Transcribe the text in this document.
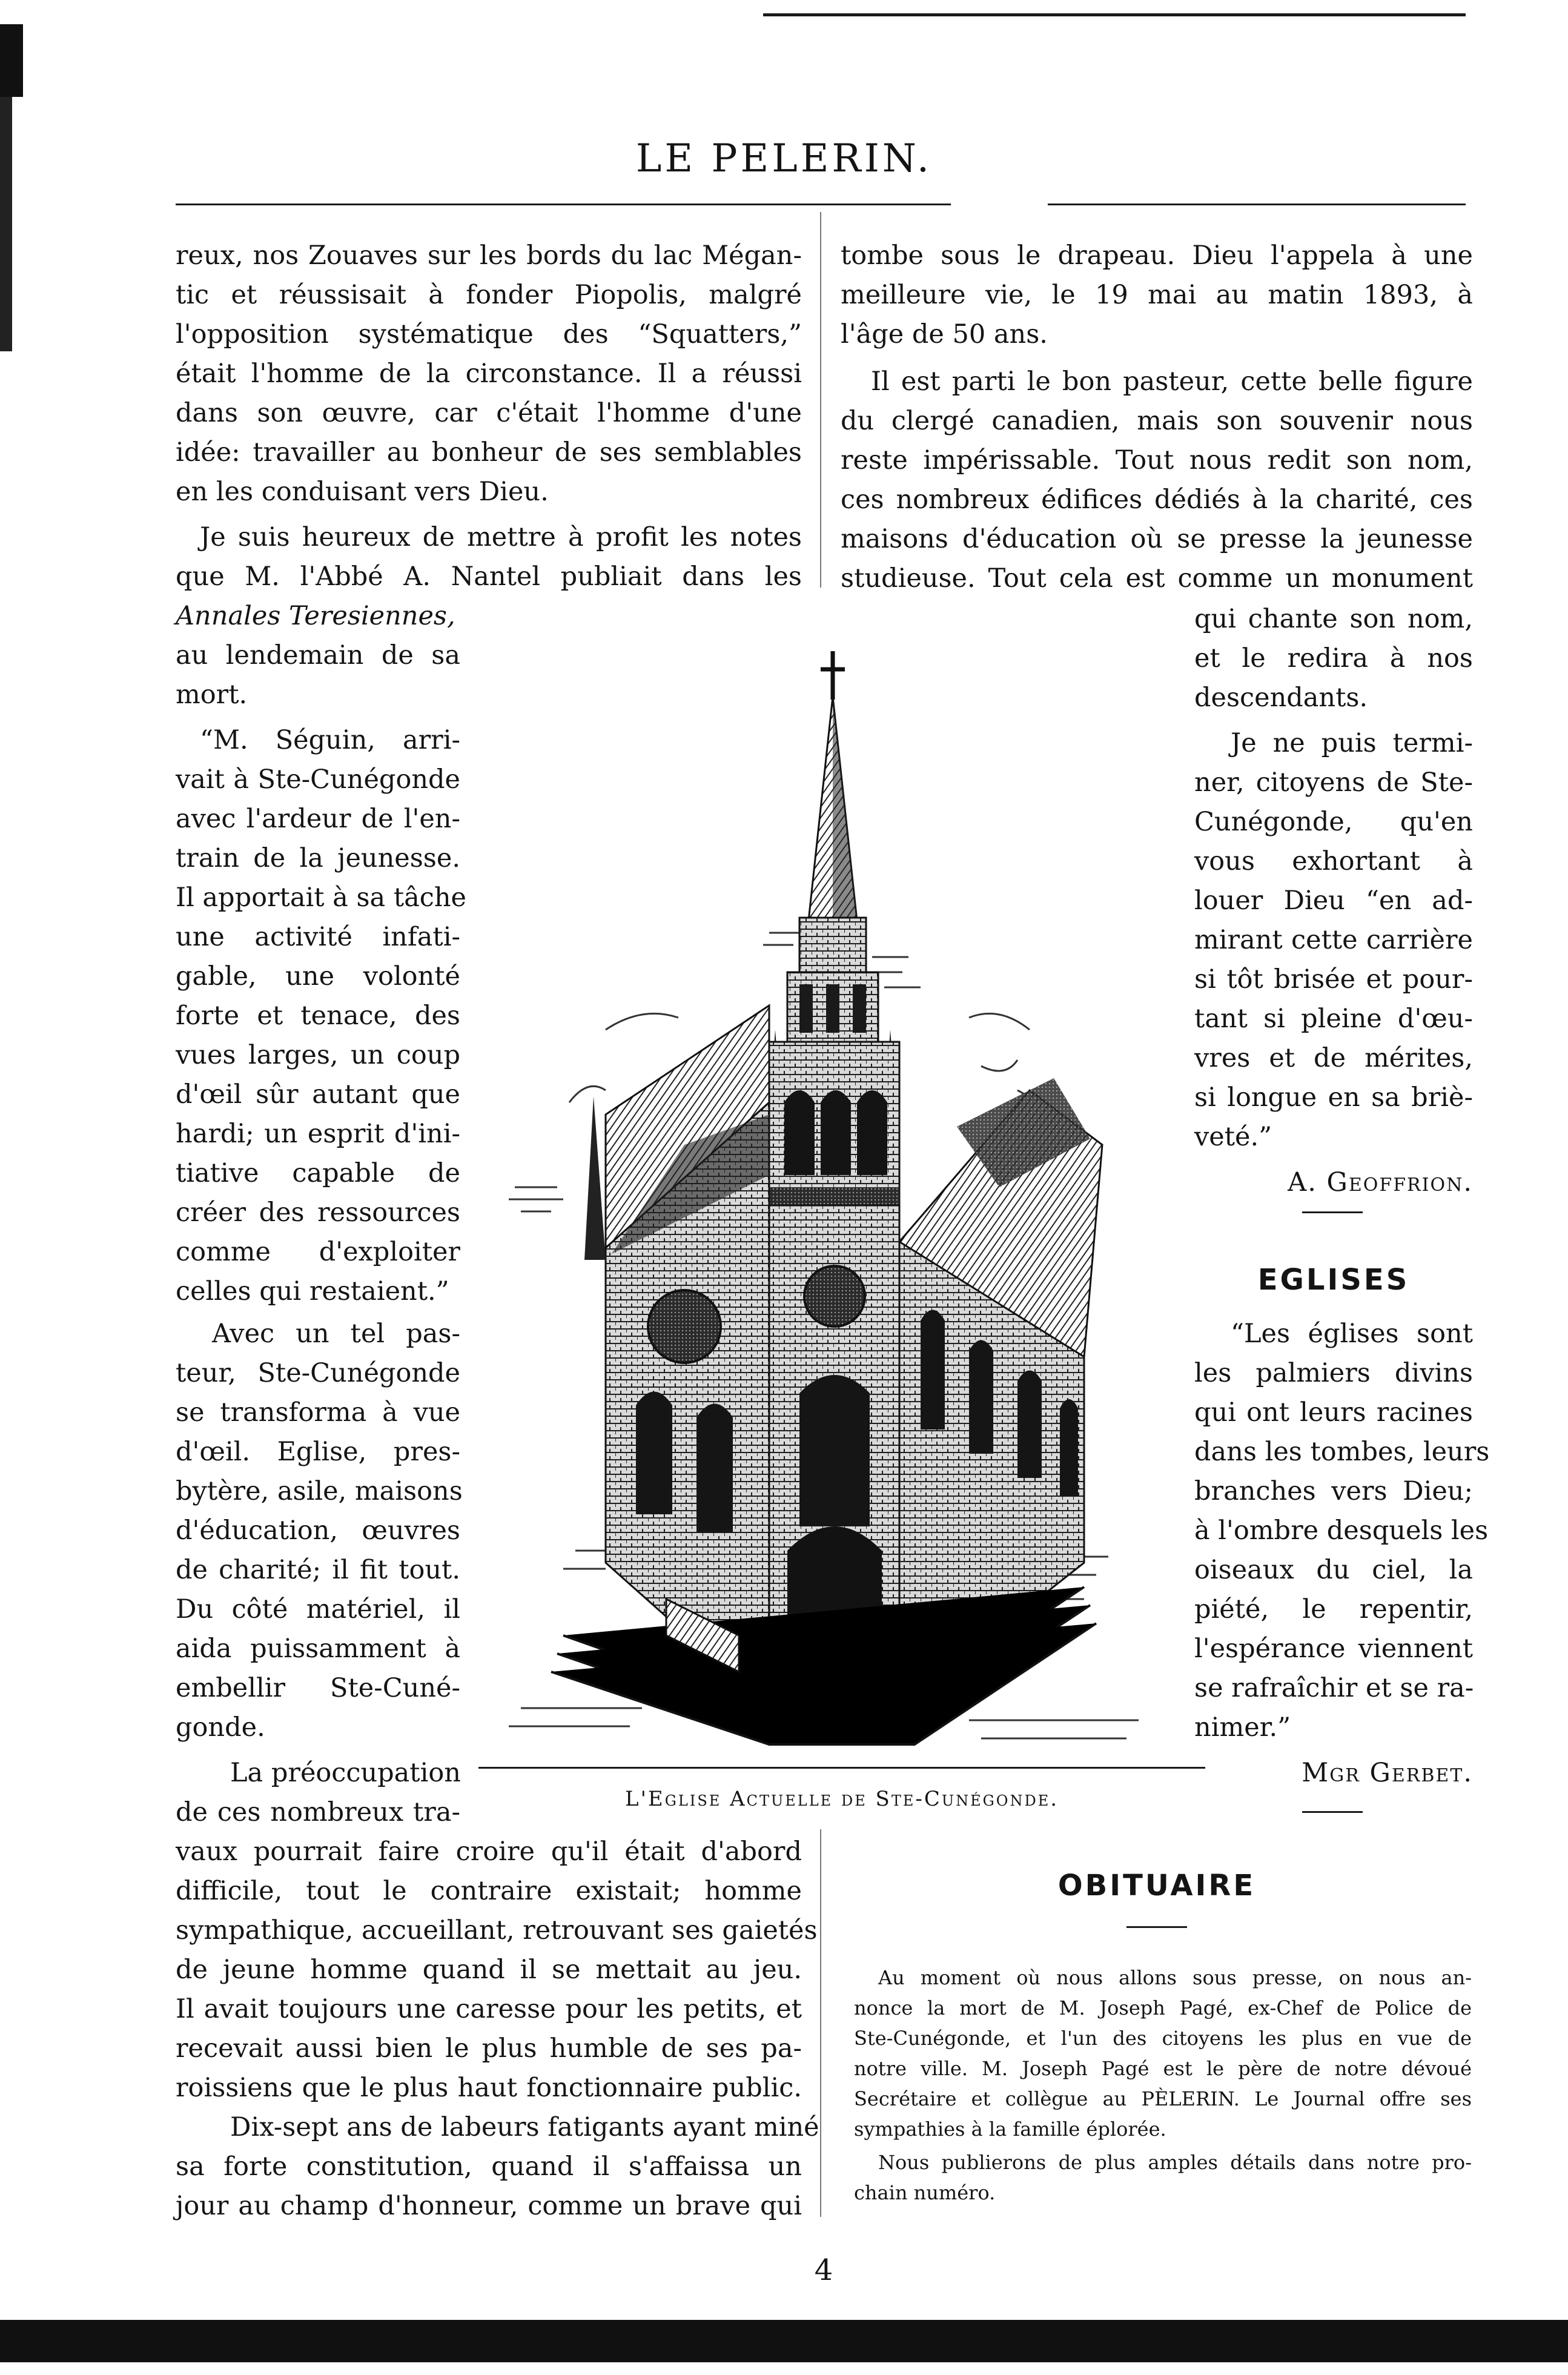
LE PELERIN.
reux, nos Zouaves sur les bords du lac Mégan-
tic et réussisait à fonder Piopolis, malgré
l'opposition systématique des “Squatters,”
était l'homme de la circonstance. Il a réussi
dans son œuvre, car c'était l'homme d'une
idée: travailler au bonheur de ses semblables
en les conduisant vers Dieu.
Je suis heureux de mettre à profit les notes
que M. l'Abbé A. Nantel publiait dans les
Annales Teresiennes,
au lendemain de sa
mort.
“M. Séguin, arri-
vait à Ste-Cunégonde
avec l'ardeur de l'en-
train de la jeunesse.
Il apportait à sa tâche
une activité infati-
gable, une volonté
forte et tenace, des
vues larges, un coup
d'œil sûr autant que
hardi; un esprit d'ini-
tiative capable de
créer des ressources
comme d'exploiter
celles qui restaient.”
Avec un tel pas-
teur, Ste-Cunégonde
se transforma à vue
d'œil. Eglise, pres-
bytère, asile, maisons
d'éducation, œuvres
de charité; il fit tout.
Du côté matériel, il
aida puissamment à
embellir Ste-Cuné-
gonde.
La préoccupation
de ces nombreux tra-
vaux pourrait faire croire qu'il était d'abord
difficile, tout le contraire existait; homme
sympathique, accueillant, retrouvant ses gaietés
de jeune homme quand il se mettait au jeu.
Il avait toujours une caresse pour les petits, et
recevait aussi bien le plus humble de ses pa-
roissiens que le plus haut fonctionnaire public.
Dix-sept ans de labeurs fatigants ayant miné
sa forte constitution, quand il s'affaissa un
jour au champ d'honneur, comme un brave qui
tombe sous le drapeau. Dieu l'appela à une
meilleure vie, le 19 mai au matin 1893, à
l'âge de 50 ans.
Il est parti le bon pasteur, cette belle figure
du clergé canadien, mais son souvenir nous
reste impérissable. Tout nous redit son nom,
ces nombreux édifices dédiés à la charité, ces
maisons d'éducation où se presse la jeunesse
studieuse. Tout cela est comme un monument
qui chante son nom,
et le redira à nos
descendants.
Je ne puis termi-
ner, citoyens de Ste-
Cunégonde, qu'en
vous exhortant à
louer Dieu “en ad-
mirant cette carrière
si tôt brisée et pour-
tant si pleine d'œu-
vres et de mérites,
si longue en sa briè-
veté.”
A. Geoffrion.
EGLISES
“Les églises sont
les palmiers divins
qui ont leurs racines
dans les tombes, leurs
branches vers Dieu;
à l'ombre desquels les
oiseaux du ciel, la
piété, le repentir,
l'espérance viennent
se rafraîchir et se ra-
nimer.”
Mgr Gerbet.
OBITUAIRE
Au moment où nous allons sous presse, on nous an-
nonce la mort de M. Joseph Pagé, ex-Chef de Police de
Ste-Cunégonde, et l'un des citoyens les plus en vue de
notre ville. M. Joseph Pagé est le père de notre dévoué
Secrétaire et collègue au PÈLERIN. Le Journal offre ses
sympathies à la famille éplorée.
Nous publierons de plus amples détails dans notre pro-
chain numéro.
L'Eglise Actuelle de Ste-Cunégonde.
4
